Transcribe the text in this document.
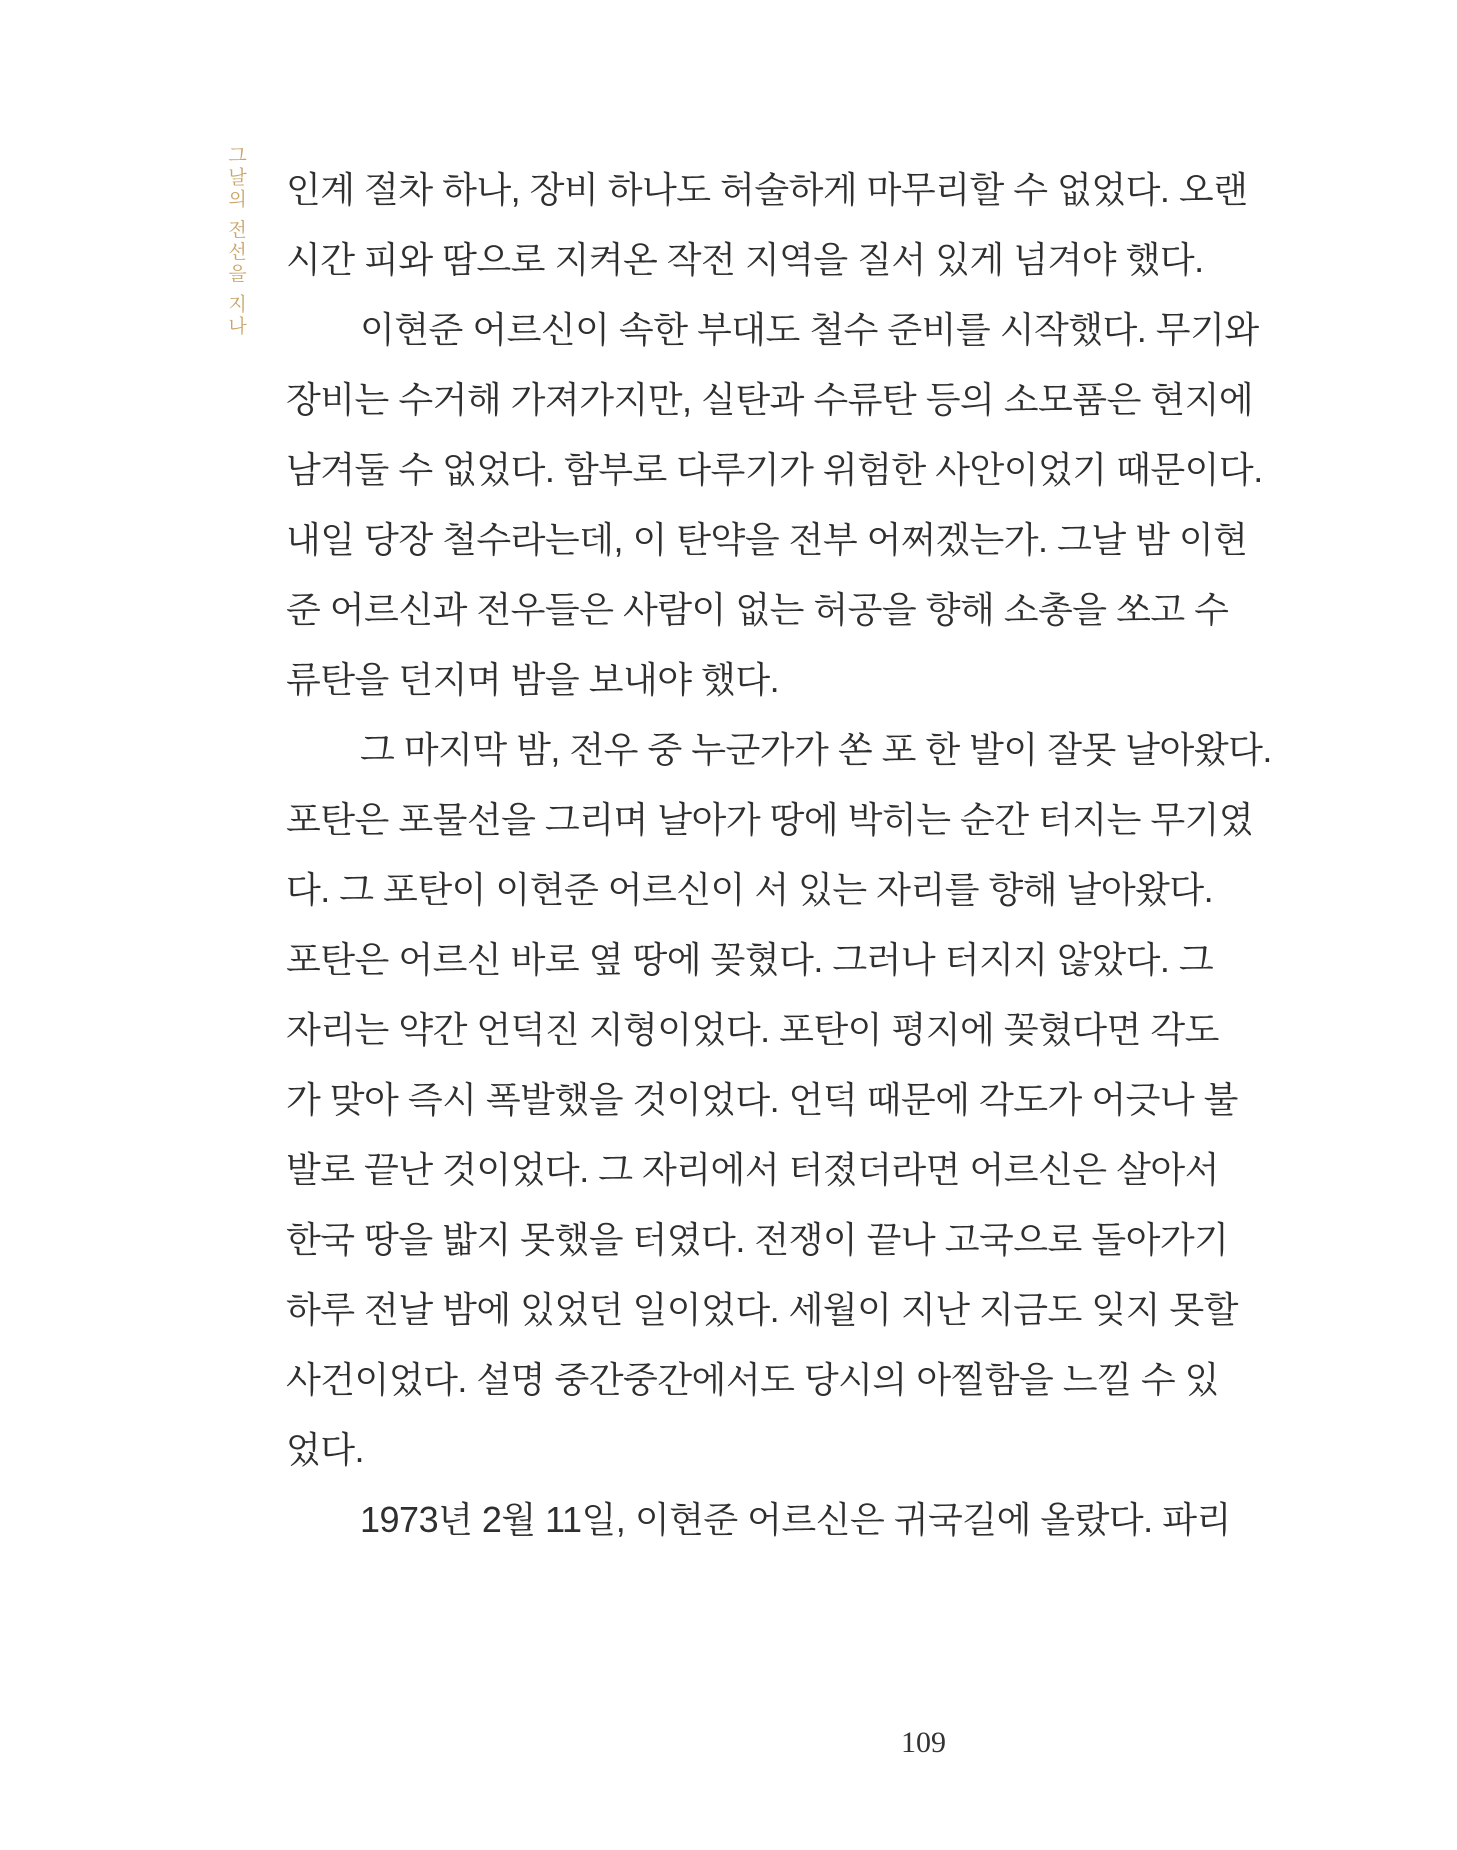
그날의 전선을 지나 인계 절차 하나, 장비 하나도 허술하게 마무리할 수 없었다. 오랜
시간 피와 땀으로 지켜온 작전 지역을 질서 있게 넘겨야 했다.
이현준 어르신이 속한 부대도 철수 준비를 시작했다. 무기와
장비는 수거해 가져가지만, 실탄과 수류탄 등의 소모품은 현지에
남겨둘 수 없었다. 함부로 다루기가 위험한 사안이었기 때문이다.
내일 당장 철수라는데, 이 탄약을 전부 어쩌겠는가. 그날 밤 이현
준 어르신과 전우들은 사람이 없는 허공을 향해 소총을 쏘고 수
류탄을 던지며 밤을 보내야 했다.
그 마지막 밤, 전우 중 누군가가 쏜 포 한 발이 잘못 날아왔다.
포탄은 포물선을 그리며 날아가 땅에 박히는 순간 터지는 무기였
다. 그 포탄이 이현준 어르신이 서 있는 자리를 향해 날아왔다.
포탄은 어르신 바로 옆 땅에 꽂혔다. 그러나 터지지 않았다. 그
자리는 약간 언덕진 지형이었다. 포탄이 평지에 꽂혔다면 각도
가 맞아 즉시 폭발했을 것이었다. 언덕 때문에 각도가 어긋나 불
발로 끝난 것이었다. 그 자리에서 터졌더라면 어르신은 살아서
한국 땅을 밟지 못했을 터였다. 전쟁이 끝나 고국으로 돌아가기
하루 전날 밤에 있었던 일이었다. 세월이 지난 지금도 잊지 못할
사건이었다. 설명 중간중간에서도 당시의 아찔함을 느낄 수 있
었다.
1973년 2월 11일, 이현준 어르신은 귀국길에 올랐다. 파리
109
